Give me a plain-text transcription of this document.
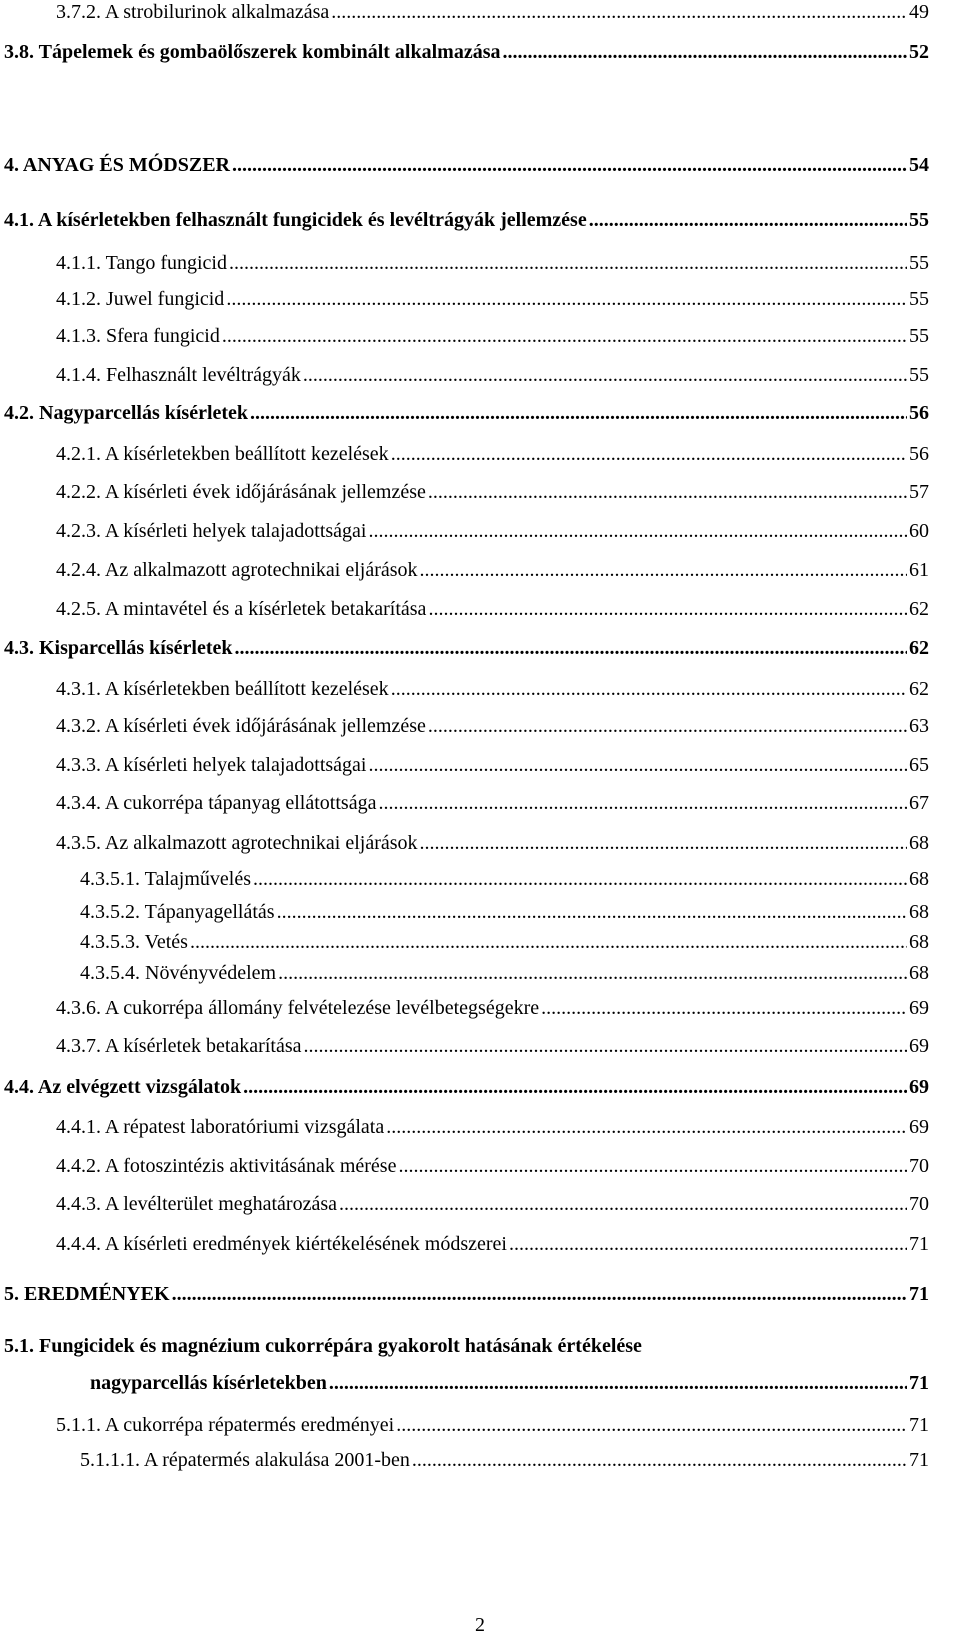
3.7.2. A strobilurinok alkalmazása .....	49
3.8. Tápelemek és gombaölőszerek kombinált alkalmazása .....	52
4. ANYAG ÉS MÓDSZER .....	54
4.1. A kísérletekben felhasznált fungicidek és levéltrágyák jellemzése .....	55
4.1.1. Tango fungicid .....	55
4.1.2. Juwel fungicid .....	55
4.1.3. Sfera fungicid .....	55
4.1.4. Felhasznált levéltrágyák .....	55
4.2. Nagyparcellás kísérletek .....	56
4.2.1. A kísérletekben beállított kezelések .....	56
4.2.2. A kísérleti évek időjárásának jellemzése .....	57
4.2.3. A kísérleti helyek talajadottságai .....	60
4.2.4. Az alkalmazott agrotechnikai eljárások .....	61
4.2.5. A mintavétel és a kísérletek betakarítása .....	62
4.3. Kisparcellás kísérletek .....	62
4.3.1. A kísérletekben beállított kezelések .....	62
4.3.2. A kísérleti évek időjárásának jellemzése .....	63
4.3.3. A kísérleti helyek talajadottságai .....	65
4.3.4. A cukorrépa tápanyag ellátottsága .....	67
4.3.5. Az alkalmazott agrotechnikai eljárások .....	68
4.3.5.1. Talajművelés .....	68
4.3.5.2. Tápanyagellátás .....	68
4.3.5.3. Vetés .....	68
4.3.5.4. Növényvédelem .....	68
4.3.6. A cukorrépa állomány felvételezése levélbetegségekre .....	69
4.3.7. A kísérletek betakarítása .....	69
4.4. Az elvégzett vizsgálatok .....	69
4.4.1. A répatest laboratóriumi vizsgálata .....	69
4.4.2. A fotoszintézis aktivitásának mérése .....	70
4.4.3. A levélterület meghatározása .....	70
4.4.4. A kísérleti eredmények kiértékelésének módszerei .....	71
5. EREDMÉNYEK .....	71
5.1. Fungicidek és magnézium cukorrépára gyakorolt hatásának értékelése
nagyparcellás kísérletekben .....	71
5.1.1. A cukorrépa répatermés eredményei .....	71
5.1.1.1. A répatermés alakulása 2001-ben .....	71
2
